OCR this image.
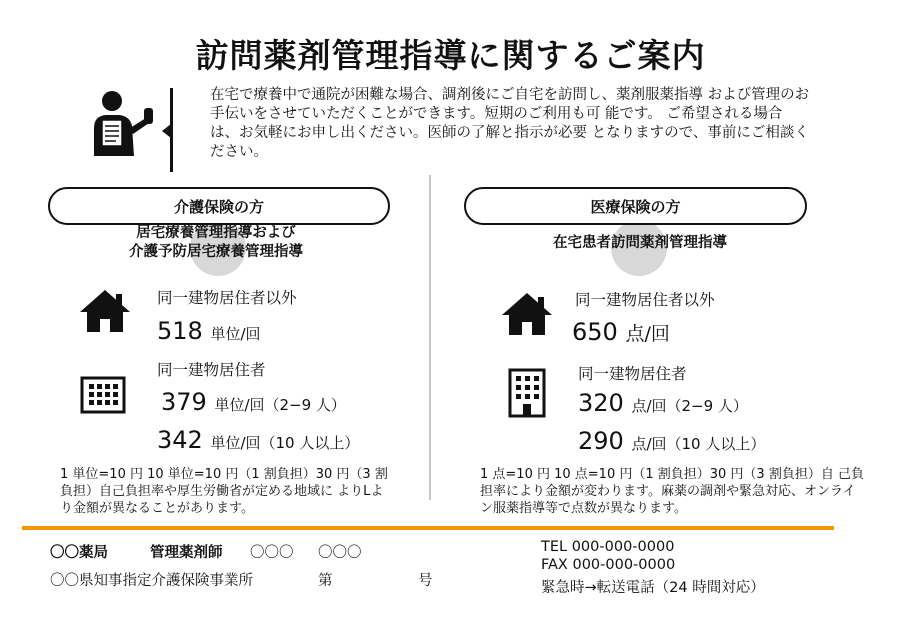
訪問薬剤管理指導に関するご案内
在宅で療養中で通院が困難な場合、調剤後にご自宅を訪問し、薬剤服薬指導 および管理のお手伝いをさせていただくことができます。短期のご利用も可 能です。 ご希望される場合は、お気軽にお申し出ください。医師の了解と指示が必要 となりますので、事前にご相談ください。
介護保険の方
居宅療養管理指導および
介護予防居宅療養管理指導
同一建物居住者以外
518 単位/回
同一建物居住者
379 単位/回（2−9 人）
342 単位/回（10 人以上）
1 単位=10 円 10 単位=10 円（1 割負担）30 円（3 割負担）自己負担率や厚生労働省が定める地域に よりLより金額が異なることがあります。
医療保険の方
在宅患者訪問薬剤管理指導
同一建物居住者以外
650 点/回
同一建物居住者
320 点/回（2−9 人）
290 点/回（10 人以上）
1 点=10 円 10 点=10 円（1 割負担）30 円（3 割負担）自 己負担率により金額が変わります。麻薬の調剤や緊急対応、オンライン服薬指導等で点数が異なります。
〇〇薬局	管理薬剤師 〇〇〇 〇〇〇
〇〇県知事指定介護保険事業所	第	号
TEL 000-000-0000
FAX 000-000-0000
緊急時→転送電話（24 時間対応）
